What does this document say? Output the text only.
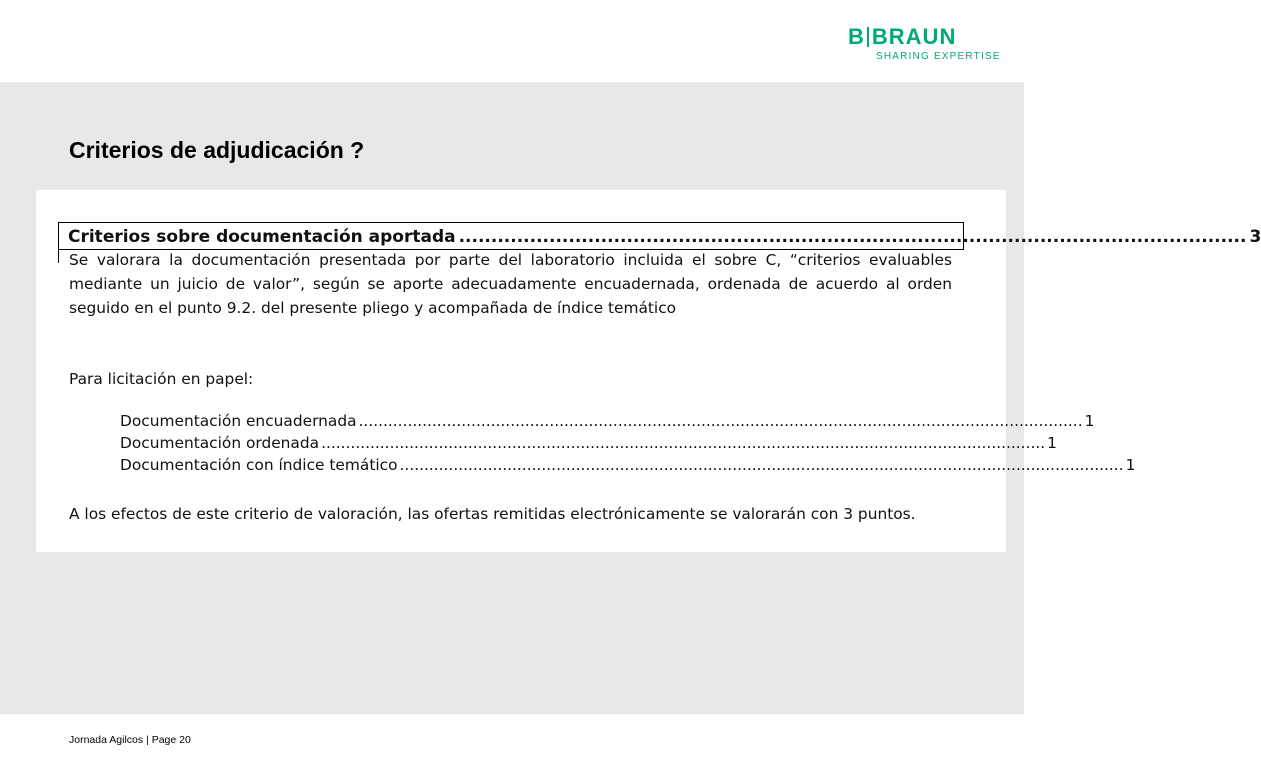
B BRAUN
SHARING EXPERTISE
Criterios de adjudicación ?
Criterios sobre documentación aportada .......................................................................................................................... 3

Se valorara la documentación presentada por parte del laboratorio incluida el sobre C, “criterios evaluables mediante un juicio de valor”, según se aporte adecuadamente encuadernada, ordenada de acuerdo al orden seguido en el punto 9.2. del presente pliego y acompañada de índice temático

Para licitación en papel:

Documentación encuadernada .................................................................................................................................................... 1
Documentación ordenada .................................................................................................................................................... 1
Documentación con índice temático .................................................................................................................................................... 1

A los efectos de este criterio de valoración, las ofertas remitidas electrónicamente se valorarán con 3 puntos.

Jornada Agilcos | Page 20
